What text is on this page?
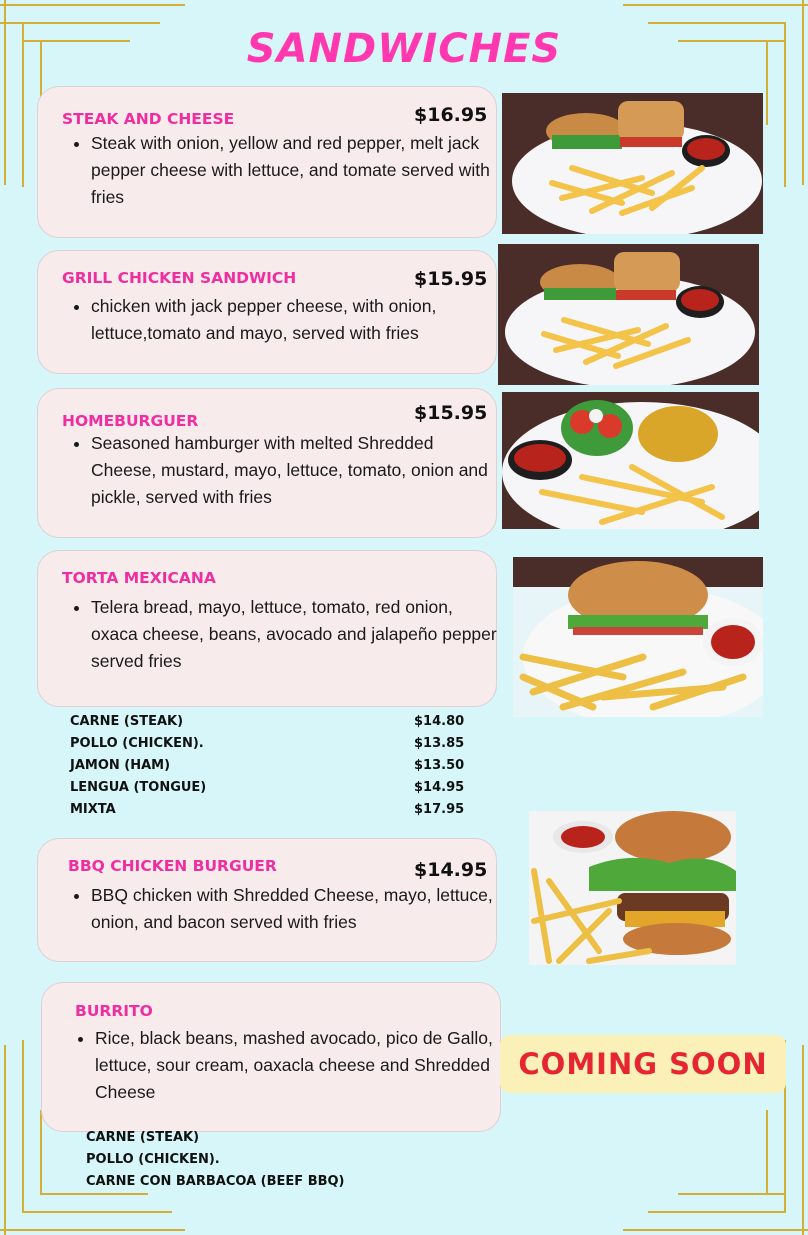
SANDWICHES
STEAK AND CHEESE	$16.95
• Steak with onion, yellow and red pepper, melt jack pepper cheese with lettuce, and tomate served with fries
GRILL CHICKEN SANDWICH	$15.95
• chicken with jack pepper cheese, with onion, lettuce,tomato and mayo, served with fries
HOMEBURGUER	$15.95
• Seasoned hamburger with melted Shredded Cheese, mustard, mayo, lettuce, tomato, onion and pickle, served with fries
TORTA MEXICANA
• Telera bread, mayo, lettuce, tomato, red onion, oxaca cheese, beans, avocado and jalapeño pepper served fries
CARNE (STEAK)	$14.80
POLLO (CHICKEN).	$13.85
JAMON (HAM)	$13.50
LENGUA (TONGUE)	$14.95
MIXTA	$17.95
BBQ CHICKEN BURGUER	$14.95
• BBQ chicken with Shredded Cheese, mayo, lettuce, onion, and bacon served with fries
BURRITO
• Rice, black beans, mashed avocado, pico de Gallo, lettuce, sour cream, oaxacla cheese and Shredded Cheese
CARNE (STEAK)
POLLO (CHICKEN).
CARNE CON BARBACOA (BEEF BBQ)
COMING SOON
